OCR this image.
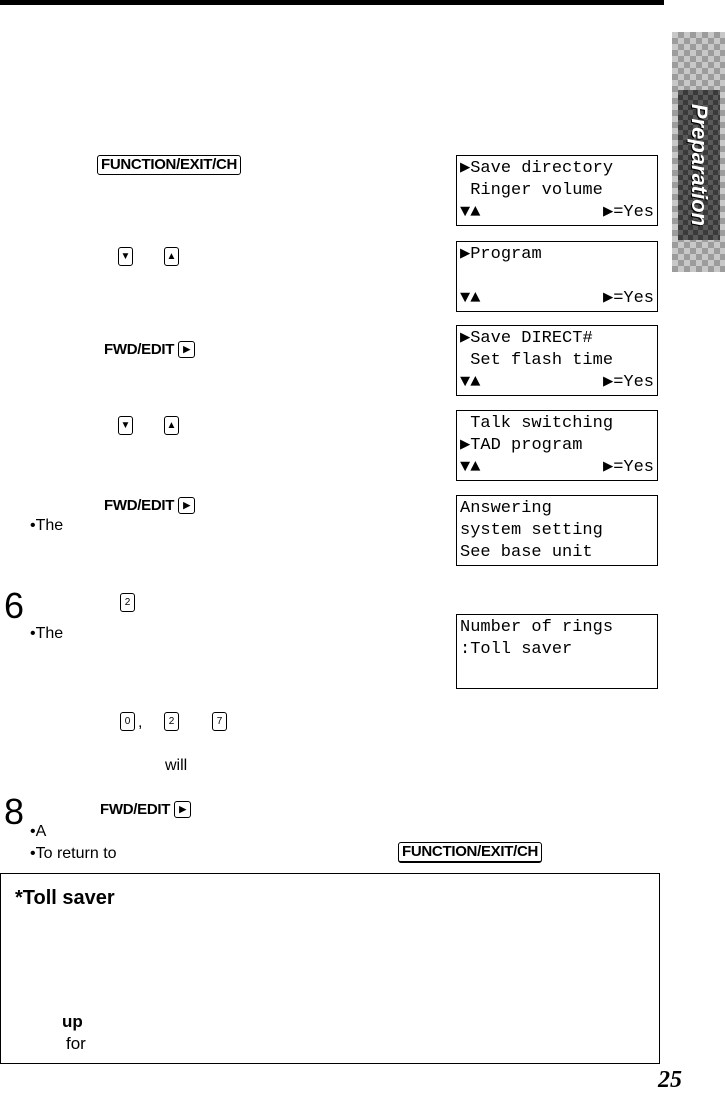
Preparation
FUNCTION/EXIT/CH
▼	▲
FWD/EDIT	▶
▼	▲
FWD/EDIT	▶
•The
6	2
•The
0 ,	2	7
will
8	FWD/EDIT	▶
•A
•To return to	FUNCTION/EXIT/CH
▶Save directory
Ringer volume
▼▲	▶=Yes
▶Program
▼▲	▶=Yes
▶Save DIRECT#
Set flash time
▼▲	▶=Yes
Talk switching
▶TAD program
▼▲	▶=Yes
Answering
system setting
See base unit
Number of rings
:Toll saver
*Toll saver
up
for
25
